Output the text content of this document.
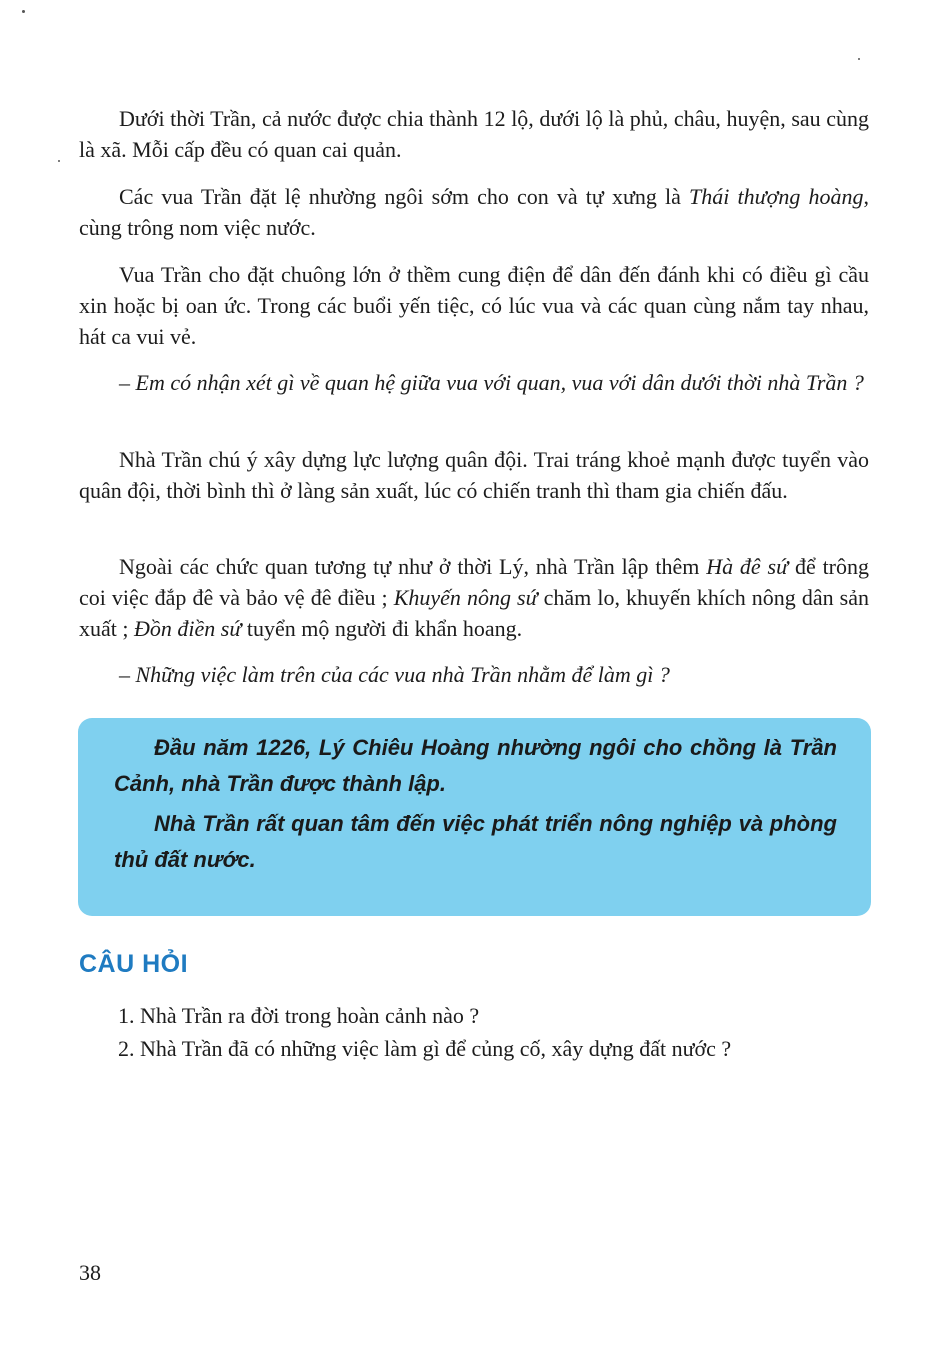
Dưới thời Trần, cả nước được chia thành 12 lộ, dưới lộ là phủ, châu, huyện, sau cùng là xã. Mỗi cấp đều có quan cai quản.

Các vua Trần đặt lệ nhường ngôi sớm cho con và tự xưng là Thái thượng hoàng, cùng trông nom việc nước.

Vua Trần cho đặt chuông lớn ở thềm cung điện để dân đến đánh khi có điều gì cầu xin hoặc bị oan ức. Trong các buổi yến tiệc, có lúc vua và các quan cùng nắm tay nhau, hát ca vui vẻ.

– Em có nhận xét gì về quan hệ giữa vua với quan, vua với dân dưới thời nhà Trần ?

Nhà Trần chú ý xây dựng lực lượng quân đội. Trai tráng khoẻ mạnh được tuyển vào quân đội, thời bình thì ở làng sản xuất, lúc có chiến tranh thì tham gia chiến đấu.

Ngoài các chức quan tương tự như ở thời Lý, nhà Trần lập thêm Hà đê sứ để trông coi việc đắp đê và bảo vệ đê điều ; Khuyến nông sứ chăm lo, khuyến khích nông dân sản xuất ; Đồn điền sứ tuyển mộ người đi khẩn hoang.

– Những việc làm trên của các vua nhà Trần nhằm để làm gì ?

Đầu năm 1226, Lý Chiêu Hoàng nhường ngôi cho chồng là Trần Cảnh, nhà Trần được thành lập.

Nhà Trần rất quan tâm đến việc phát triển nông nghiệp và phòng thủ đất nước.

CÂU HỎI
1. Nhà Trần ra đời trong hoàn cảnh nào ?
2. Nhà Trần đã có những việc làm gì để củng cố, xây dựng đất nước ?
38
